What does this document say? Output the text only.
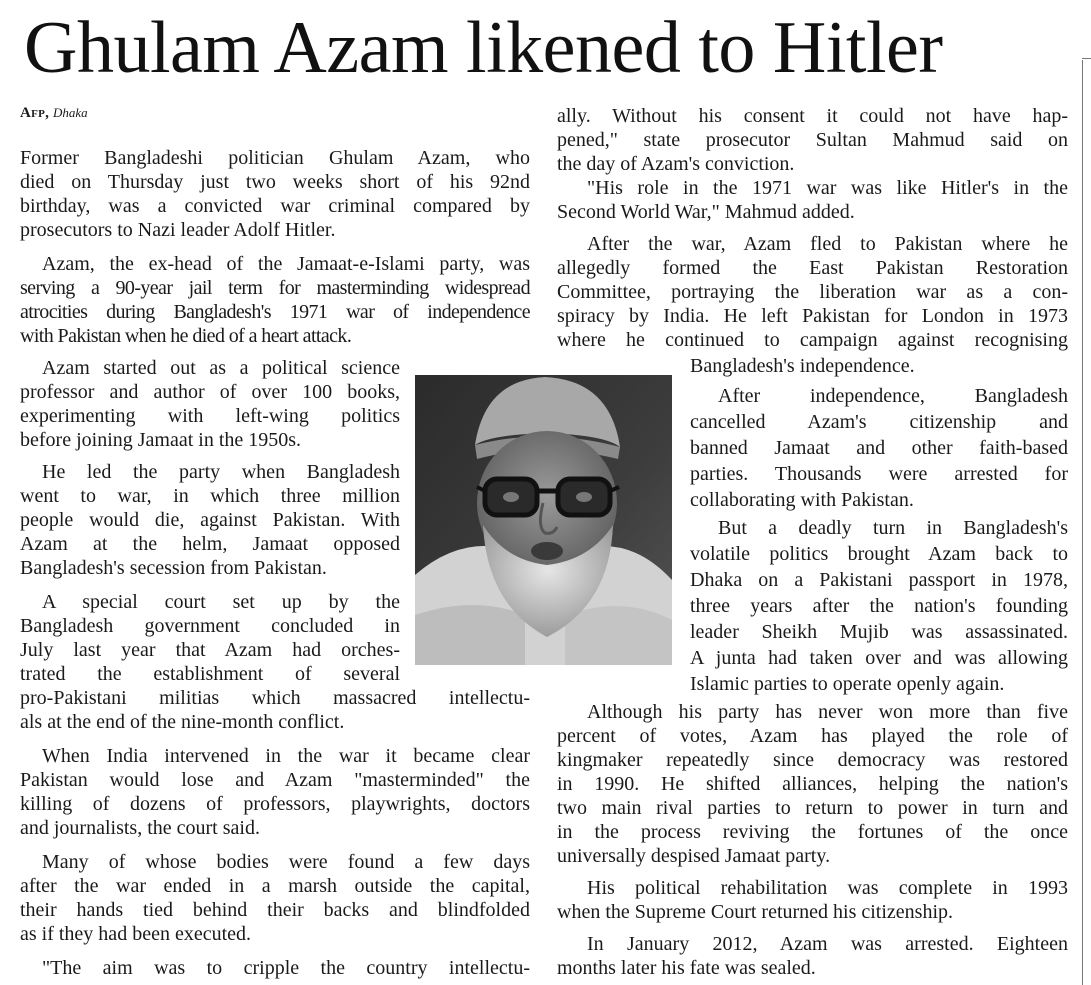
Ghulam Azam likened to Hitler
Afp, Dhaka
Former Bangladeshi politician Ghulam Azam, who
died on Thursday just two weeks short of his 92nd
birthday, was a convicted war criminal compared by
prosecutors to Nazi leader Adolf Hitler.
Azam, the ex-head of the Jamaat-e-Islami party, was
serving a 90-year jail term for masterminding widespread
atrocities during Bangladesh's 1971 war of independence
with Pakistan when he died of a heart attack.
Azam started out as a political science
professor and author of over 100 books,
experimenting with left-wing politics
before joining Jamaat in the 1950s.
He led the party when Bangladesh
went to war, in which three million
people would die, against Pakistan. With
Azam at the helm, Jamaat opposed
Bangladesh's secession from Pakistan.
A special court set up by the
Bangladesh government concluded in
July last year that Azam had orches-
trated the establishment of several
pro-Pakistani militias which massacred intellectu-
als at the end of the nine-month conflict.
When India intervened in the war it became clear
Pakistan would lose and Azam "masterminded" the
killing of dozens of professors, playwrights, doctors
and journalists, the court said.
Many of whose bodies were found a few days
after the war ended in a marsh outside the capital,
their hands tied behind their backs and blindfolded
as if they had been executed.
"The aim was to cripple the country intellectu-
ally. Without his consent it could not have hap-
pened," state prosecutor Sultan Mahmud said on
the day of Azam's conviction.
"His role in the 1971 war was like Hitler's in the
Second World War," Mahmud added.
After the war, Azam fled to Pakistan where he
allegedly formed the East Pakistan Restoration
Committee, portraying the liberation war as a con-
spiracy by India. He left Pakistan for London in 1973
where he continued to campaign against recognising
Bangladesh's independence.
After independence, Bangladesh
cancelled Azam's citizenship and
banned Jamaat and other faith-based
parties. Thousands were arrested for
collaborating with Pakistan.
But a deadly turn in Bangladesh's
volatile politics brought Azam back to
Dhaka on a Pakistani passport in 1978,
three years after the nation's founding
leader Sheikh Mujib was assassinated.
A junta had taken over and was allowing
Islamic parties to operate openly again.
Although his party has never won more than five
percent of votes, Azam has played the role of
kingmaker repeatedly since democracy was restored
in 1990. He shifted alliances, helping the nation's
two main rival parties to return to power in turn and
in the process reviving the fortunes of the once
universally despised Jamaat party.
His political rehabilitation was complete in 1993
when the Supreme Court returned his citizenship.
In January 2012, Azam was arrested. Eighteen
months later his fate was sealed.
